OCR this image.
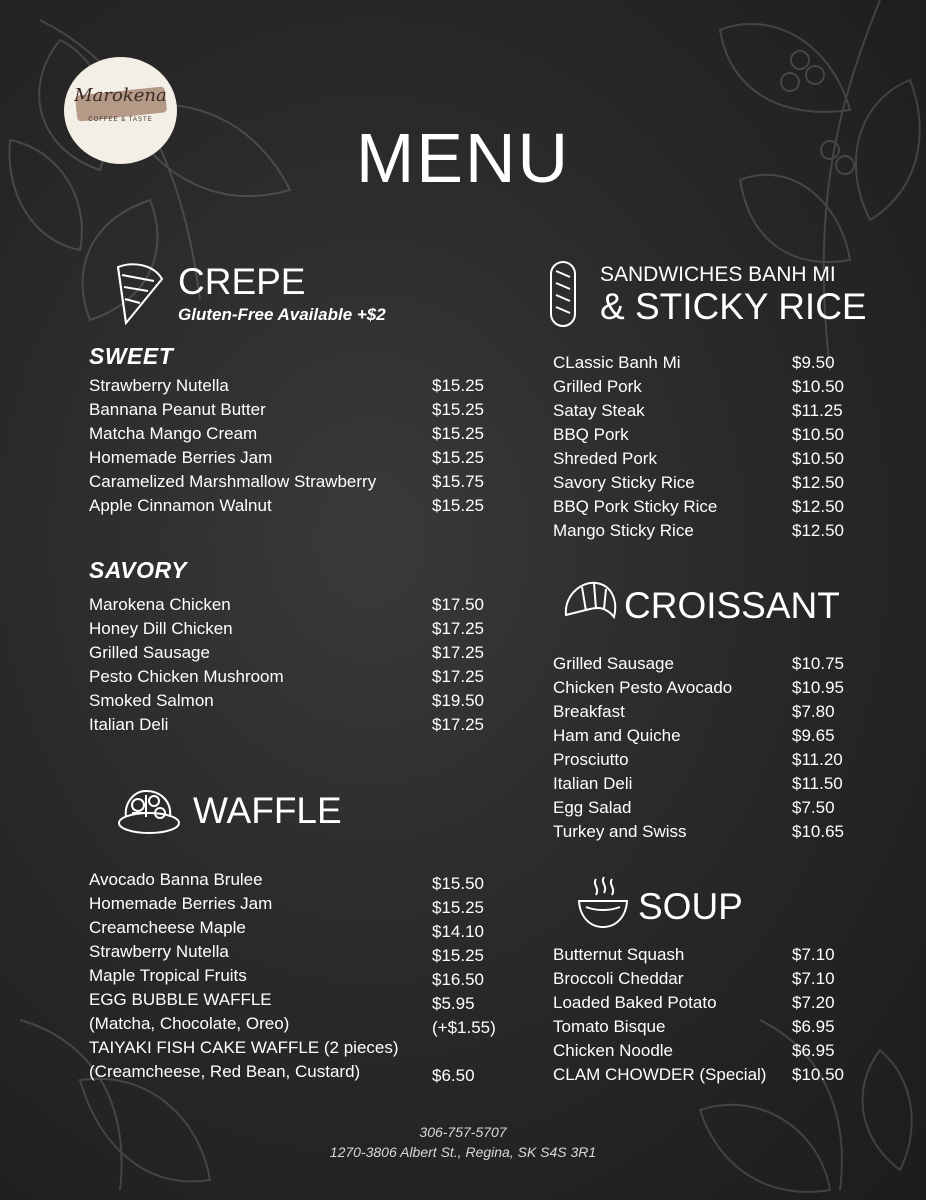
Marokena
COFFEE & TASTE	MENU
CREPE
Gluten-Free Available +$2
SWEET
Strawberry Nutella	$15.25
Bannana Peanut Butter	$15.25
Matcha Mango Cream	$15.25
Homemade Berries Jam	$15.25
Caramelized Marshmallow Strawberry	$15.75
Apple Cinnamon Walnut	$15.25
SAVORY
Marokena Chicken	$17.50
Honey Dill Chicken	$17.25
Grilled Sausage	$17.25
Pesto Chicken Mushroom	$17.25
Smoked Salmon	$19.50
Italian Deli	$17.25
WAFFLE
Avocado Banna Brulee	$15.50
Homemade Berries Jam	$15.25
Creamcheese Maple	$14.10
Strawberry Nutella	$15.25
Maple Tropical Fruits	$16.50
EGG BUBBLE WAFFLE	$5.95
(Matcha, Chocolate, Oreo)	(+$1.55)
TAIYAKI FISH CAKE WAFFLE (2 pieces)
(Creamcheese, Red Bean, Custard)	$6.50
SANDWICHES BANH MI
& STICKY RICE
CLassic Banh Mi	$9.50
Grilled Pork	$10.50
Satay Steak	$11.25
BBQ Pork	$10.50
Shreded Pork	$10.50
Savory Sticky Rice	$12.50
BBQ Pork Sticky Rice	$12.50
Mango Sticky Rice	$12.50
CROISSANT
Grilled Sausage	$10.75
Chicken Pesto Avocado	$10.95
Breakfast	$7.80
Ham and Quiche	$9.65
Prosciutto	$11.20
Italian Deli	$11.50
Egg Salad	$7.50
Turkey and Swiss	$10.65
SOUP
Butternut Squash	$7.10
Broccoli Cheddar	$7.10
Loaded Baked Potato	$7.20
Tomato Bisque	$6.95
Chicken Noodle	$6.95
CLAM CHOWDER (Special) $10.50
306-757-5707
1270-3806 Albert St., Regina, SK S4S 3R1
